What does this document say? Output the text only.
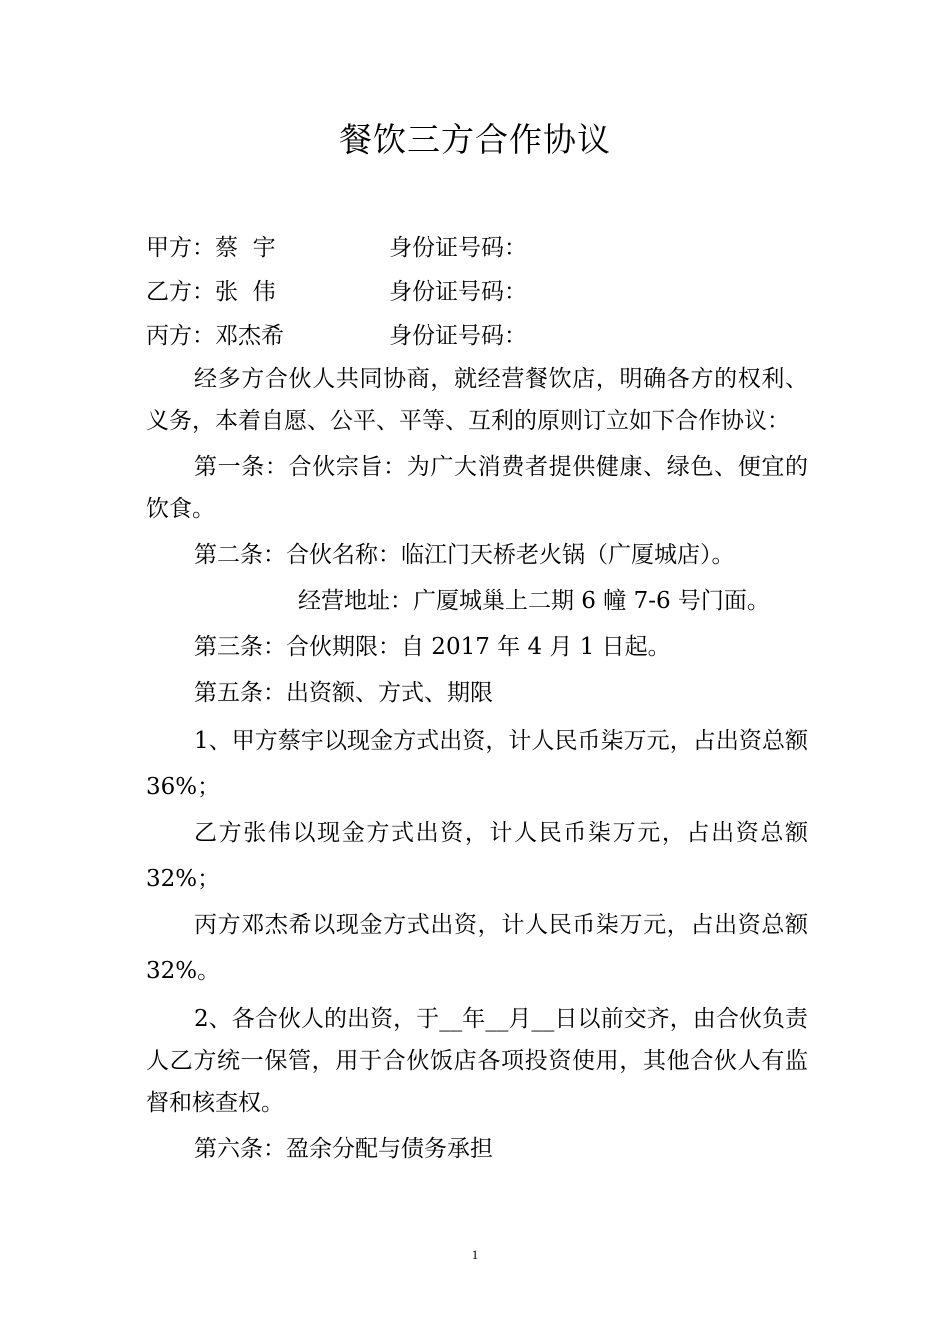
餐饮三方合作协议
甲方：蔡  宇	身份证号码：
乙方：张  伟	身份证号码：
丙方：邓杰希	身份证号码：

经多方合伙人共同协商，就经营餐饮店，明确各方的权利、义务，本着自愿、公平、平等、互利的原则订立如下合作协议：

第一条：合伙宗旨：为广大消费者提供健康、绿色、便宜的饮食。

第二条：合伙名称：临江门天桥老火锅（广厦城店）。

经营地址：广厦城巢上二期 6 幢 7-6 号门面。

第三条：合伙期限：自 2017 年 4 月 1 日起。

第五条：出资额、方式、期限

1、甲方蔡宇以现金方式出资，计人民币柒万元，占出资总额 36%；

乙方张伟以现金方式出资，计人民币柒万元，占出资总额 32%；

丙方邓杰希以现金方式出资，计人民币柒万元，占出资总额 32%。

2、各合伙人的出资，于__年__月__日以前交齐，由合伙负责人乙方统一保管，用于合伙饭店各项投资使用，其他合伙人有监督和核查权。

第六条：盈余分配与债务承担

1
